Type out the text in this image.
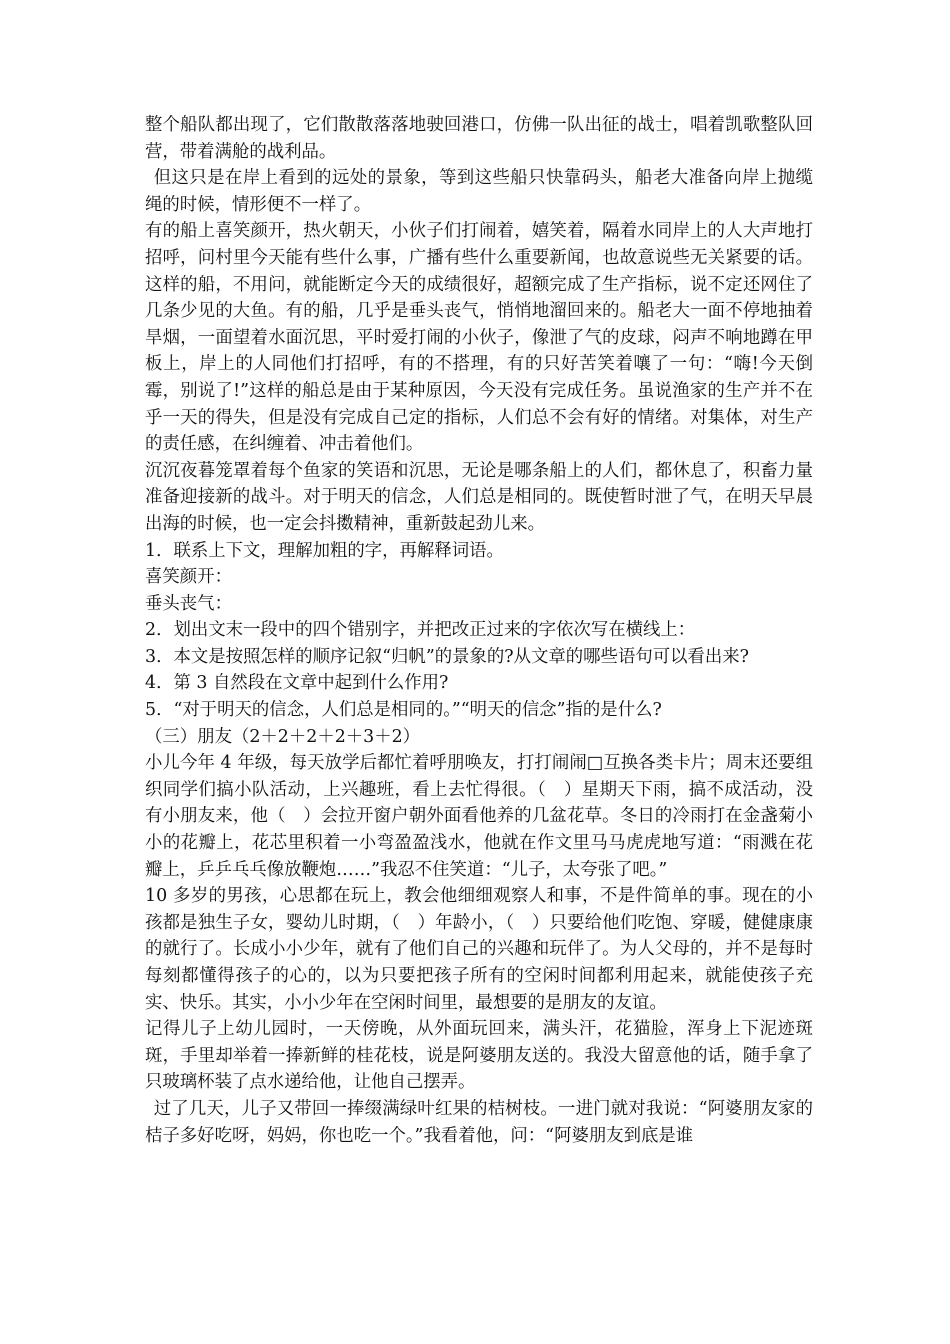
整个船队都出现了，它们散散落落地驶回港口，仿佛一队出征的战士，唱着凯歌整队回营，带着满舱的战利品。

但这只是在岸上看到的远处的景象，等到这些船只快靠码头，船老大准备向岸上抛缆绳的时候，情形便不一样了。

有的船上喜笑颜开，热火朝天，小伙子们打闹着，嬉笑着，隔着水同岸上的人大声地打招呼，问村里今天能有些什么事，广播有些什么重要新闻，也故意说些无关紧要的话。这样的船，不用问，就能断定今天的成绩很好，超额完成了生产指标，说不定还网住了几条少见的大鱼。有的船，几乎是垂头丧气，悄悄地溜回来的。船老大一面不停地抽着旱烟，一面望着水面沉思，平时爱打闹的小伙子，像泄了气的皮球，闷声不响地蹲在甲板上，岸上的人同他们打招呼，有的不搭理，有的只好苦笑着嚷了一句：“嗨!今天倒霉，别说了!”这样的船总是由于某种原因，今天没有完成任务。虽说渔家的生产并不在乎一天的得失，但是没有完成自己定的指标，人们总不会有好的情绪。对集体，对生产的责任感，在纠缠着、冲击着他们。

沉沉夜暮笼罩着每个鱼家的笑语和沉思，无论是哪条船上的人们，都休息了，积畜力量准备迎接新的战斗。对于明天的信念，人们总是相同的。既使暂时泄了气，在明天早晨出海的时候，也一定会抖擞精神，重新鼓起劲儿来。

1．联系上下文，理解加粗的字，再解释词语。

喜笑颜开：

垂头丧气：

2．划出文末一段中的四个错别字，并把改正过来的字依次写在横线上：

3．本文是按照怎样的顺序记叙“归帆”的景象的?从文章的哪些语句可以看出来?

4．第 3 自然段在文章中起到什么作用?

5．“对于明天的信念，人们总是相同的。”“明天的信念”指的是什么?

（三）朋友（2＋2＋2＋2＋3＋2）

小儿今年 4 年级，每天放学后都忙着呼朋唤友，打打闹闹□互换各类卡片；周末还要组织同学们搞小队活动，上兴趣班，看上去忙得很。（　）星期天下雨，搞不成活动，没有小朋友来，他（　）会拉开窗户朝外面看他养的几盆花草。冬日的冷雨打在金盏菊小小的花瓣上，花芯里积着一小弯盈盈浅水，他就在作文里马马虎虎地写道：“雨溅在花瓣上，乒乒乓乓像放鞭炮……”我忍不住笑道：“儿子，太夸张了吧。”

10 多岁的男孩，心思都在玩上，教会他细细观察人和事，不是件简单的事。现在的小孩都是独生子女，婴幼儿时期，（　）年龄小，（　）只要给他们吃饱、穿暖，健健康康的就行了。长成小小少年，就有了他们自己的兴趣和玩伴了。为人父母的，并不是每时每刻都懂得孩子的心的，以为只要把孩子所有的空闲时间都利用起来，就能使孩子充实、快乐。其实，小小少年在空闲时间里，最想要的是朋友的友谊。

记得儿子上幼儿园时，一天傍晚，从外面玩回来，满头汗，花猫脸，浑身上下泥迹斑斑，手里却举着一捧新鲜的桂花枝，说是阿婆朋友送的。我没大留意他的话，随手拿了只玻璃杯装了点水递给他，让他自己摆弄。

过了几天，儿子又带回一捧缀满绿叶红果的桔树枝。一进门就对我说：“阿婆朋友家的桔子多好吃呀，妈妈，你也吃一个。”我看着他，问：“阿婆朋友到底是谁
